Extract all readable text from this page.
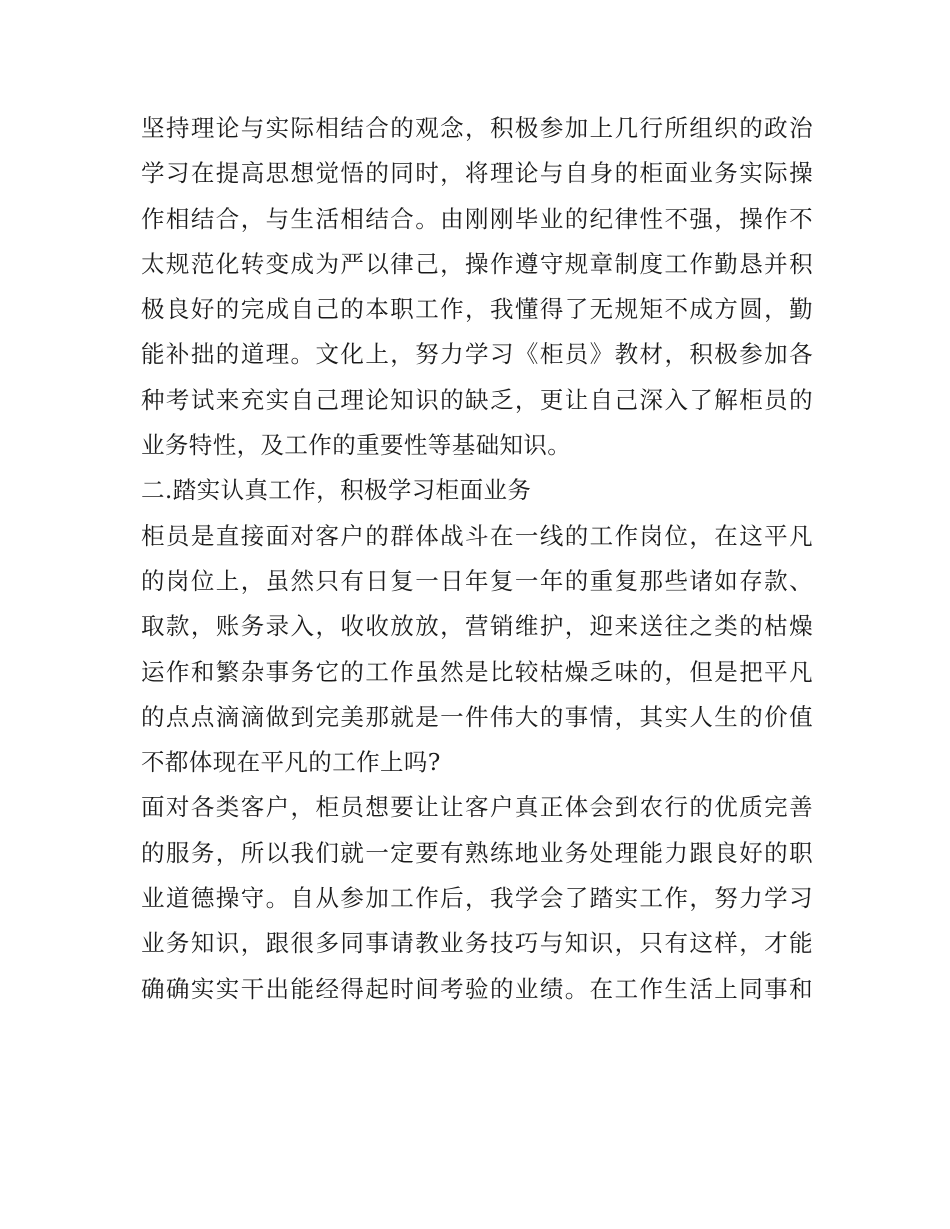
坚持理论与实际相结合的观念，积极参加上几行所组织的政治
学习在提高思想觉悟的同时，将理论与自身的柜面业务实际操
作相结合，与生活相结合。由刚刚毕业的纪律性不强，操作不
太规范化转变成为严以律己，操作遵守规章制度工作勤恳并积
极良好的完成自己的本职工作，我懂得了无规矩不成方圆，勤
能补拙的道理。文化上，努力学习《柜员》教材，积极参加各
种考试来充实自己理论知识的缺乏，更让自己深入了解柜员的
业务特性，及工作的重要性等基础知识。
二.踏实认真工作，积极学习柜面业务
柜员是直接面对客户的群体战斗在一线的工作岗位，在这平凡
的岗位上，虽然只有日复一日年复一年的重复那些诸如存款、
取款，账务录入，收收放放，营销维护，迎来送往之类的枯燥
运作和繁杂事务它的工作虽然是比较枯燥乏味的，但是把平凡
的点点滴滴做到完美那就是一件伟大的事情，其实人生的价值
不都体现在平凡的工作上吗?
面对各类客户，柜员想要让让客户真正体会到农行的优质完善
的服务，所以我们就一定要有熟练地业务处理能力跟良好的职
业道德操守。自从参加工作后，我学会了踏实工作，努力学习
业务知识，跟很多同事请教业务技巧与知识，只有这样，才能
确确实实干出能经得起时间考验的业绩。在工作生活上同事和
